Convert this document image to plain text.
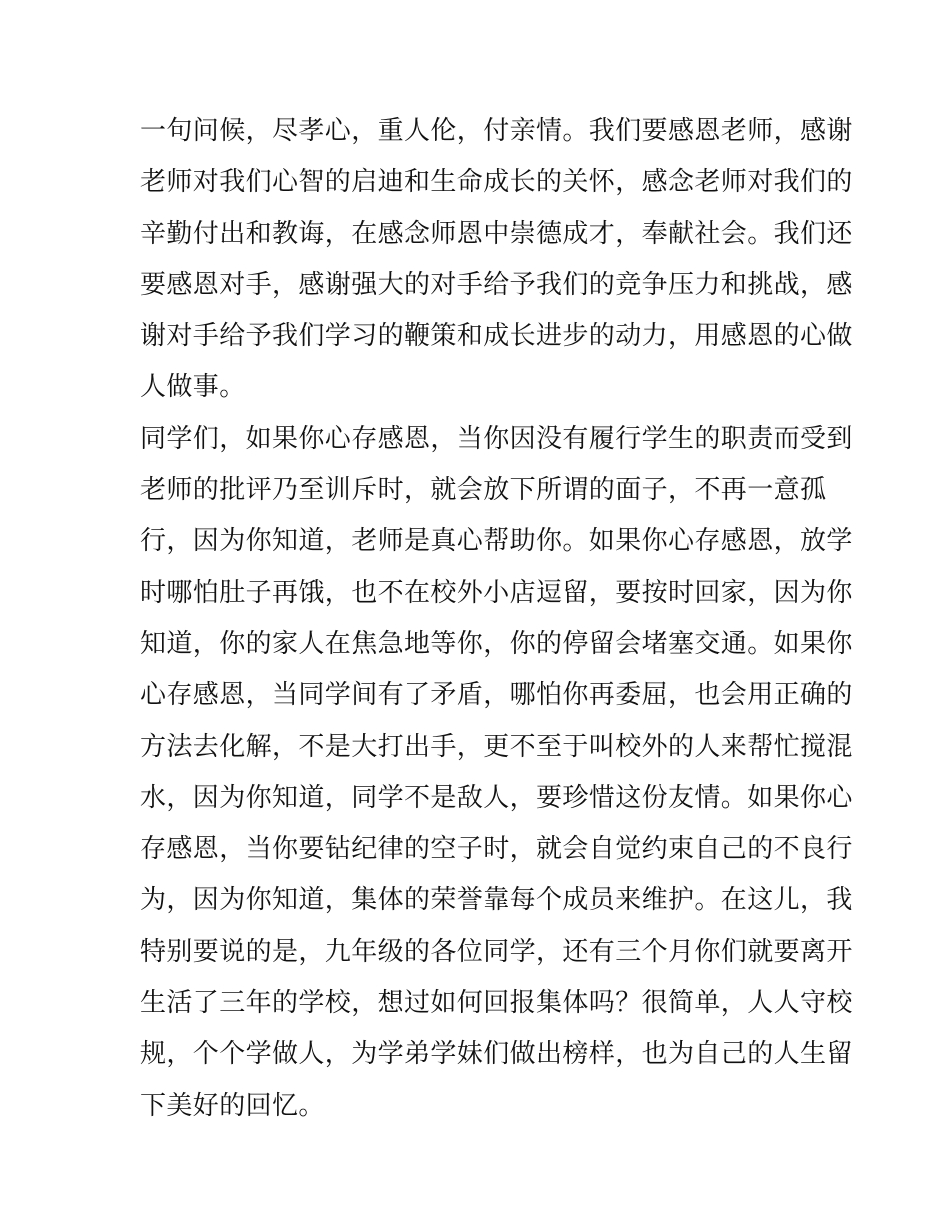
一句问候，尽孝心，重人伦，付亲情。我们要感恩老师，感谢
老师对我们心智的启迪和生命成长的关怀，感念老师对我们的
辛勤付出和教诲，在感念师恩中崇德成才，奉献社会。我们还
要感恩对手，感谢强大的对手给予我们的竞争压力和挑战，感
谢对手给予我们学习的鞭策和成长进步的动力，用感恩的心做
人做事。
同学们，如果你心存感恩，当你因没有履行学生的职责而受到
老师的批评乃至训斥时，就会放下所谓的面子，不再一意孤
行，因为你知道，老师是真心帮助你。如果你心存感恩，放学
时哪怕肚子再饿，也不在校外小店逗留，要按时回家，因为你
知道，你的家人在焦急地等你，你的停留会堵塞交通。如果你
心存感恩，当同学间有了矛盾，哪怕你再委屈，也会用正确的
方法去化解，不是大打出手，更不至于叫校外的人来帮忙搅混
水，因为你知道，同学不是敌人，要珍惜这份友情。如果你心
存感恩，当你要钻纪律的空子时，就会自觉约束自己的不良行
为，因为你知道，集体的荣誉靠每个成员来维护。在这儿，我
特别要说的是，九年级的各位同学，还有三个月你们就要离开
生活了三年的学校，想过如何回报集体吗？很简单，人人守校
规，个个学做人，为学弟学妹们做出榜样，也为自己的人生留
下美好的回忆。
